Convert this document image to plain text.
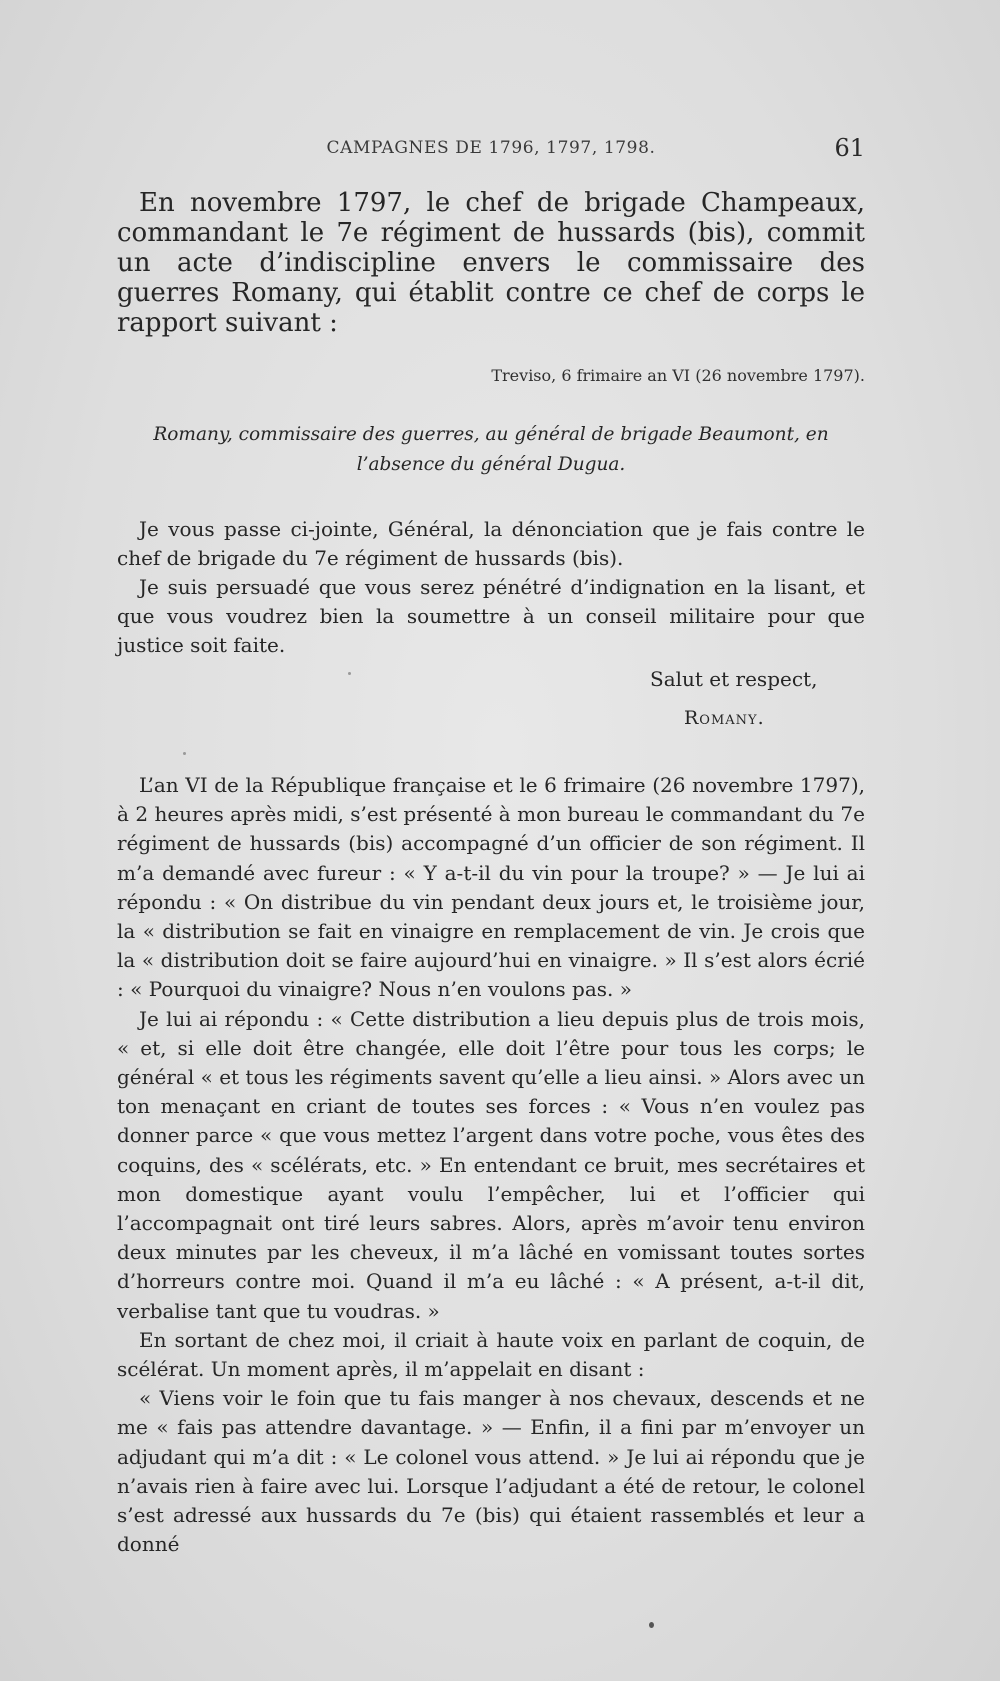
CAMPAGNES DE 1796, 1797, 1798.	61

En novembre 1797, le chef de brigade Champeaux, commandant le 7e régiment de hussards (bis), commit un acte d’indiscipline envers le commissaire des guerres Romany, qui établit contre ce chef de corps le rapport suivant :

Treviso, 6 frimaire an VI (26 novembre 1797).

Romany, commissaire des guerres, au général de brigade Beaumont, en l’absence du général Dugua.

Je vous passe ci-jointe, Général, la dénonciation que je fais contre le chef de brigade du 7e régiment de hussards (bis).

Je suis persuadé que vous serez pénétré d’indignation en la lisant, et que vous voudrez bien la soumettre à un conseil militaire pour que justice soit faite.

Salut et respect,
Romany.

L’an VI de la République française et le 6 frimaire (26 novembre 1797), à 2 heures après midi, s’est présenté à mon bureau le commandant du 7e régiment de hussards (bis) accompagné d’un officier de son régiment. Il m’a demandé avec fureur : « Y a-t-il du vin pour la troupe? » — Je lui ai répondu : « On distribue du vin pendant deux jours et, le troisième jour, la « distribution se fait en vinaigre en remplacement de vin. Je crois que la « distribution doit se faire aujourd’hui en vinaigre. » Il s’est alors écrié : « Pourquoi du vinaigre? Nous n’en voulons pas. »

Je lui ai répondu : « Cette distribution a lieu depuis plus de trois mois, « et, si elle doit être changée, elle doit l’être pour tous les corps; le général « et tous les régiments savent qu’elle a lieu ainsi. » Alors avec un ton menaçant en criant de toutes ses forces : « Vous n’en voulez pas donner parce « que vous mettez l’argent dans votre poche, vous êtes des coquins, des « scélérats, etc. » En entendant ce bruit, mes secrétaires et mon domestique ayant voulu l’empêcher, lui et l’officier qui l’accompagnait ont tiré leurs sabres. Alors, après m’avoir tenu environ deux minutes par les cheveux, il m’a lâché en vomissant toutes sortes d’horreurs contre moi. Quand il m’a eu lâché : « A présent, a-t-il dit, verbalise tant que tu voudras. »

En sortant de chez moi, il criait à haute voix en parlant de coquin, de scélérat. Un moment après, il m’appelait en disant :

« Viens voir le foin que tu fais manger à nos chevaux, descends et ne me « fais pas attendre davantage. » — Enfin, il a fini par m’envoyer un adjudant qui m’a dit : « Le colonel vous attend. » Je lui ai répondu que je n’avais rien à faire avec lui. Lorsque l’adjudant a été de retour, le colonel s’est adressé aux hussards du 7e (bis) qui étaient rassemblés et leur a donné
